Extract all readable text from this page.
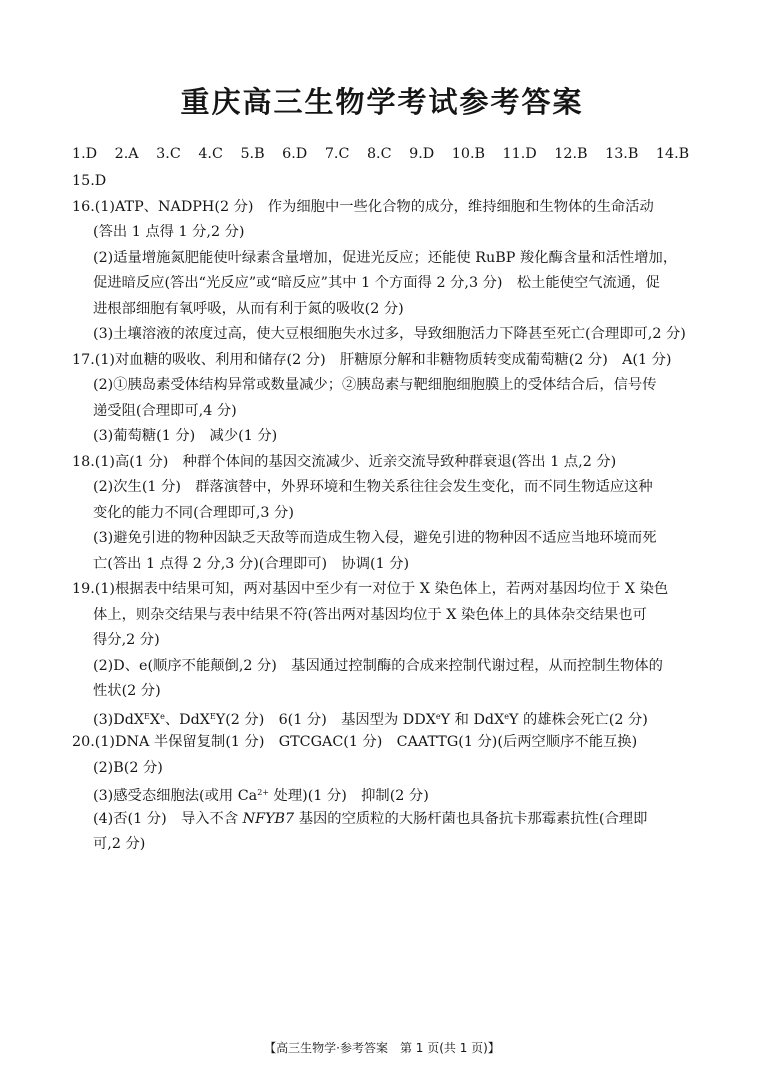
重庆高三生物学考试参考答案
1.D 2.A 3.C 4.C 5.B 6.D 7.C 8.C 9.D 10.B 11.D 12.B 13.B 14.B
15.D
16.(1)ATP、NADPH(2 分)　作为细胞中一些化合物的成分，维持细胞和生物体的生命活动
(答出 1 点得 1 分,2 分)
(2)适量增施氮肥能使叶绿素含量增加，促进光反应；还能使 RuBP 羧化酶含量和活性增加，
促进暗反应(答出“光反应”或“暗反应”其中 1 个方面得 2 分,3 分)　松土能使空气流通，促
进根部细胞有氧呼吸，从而有利于氮的吸收(2 分)
(3)土壤溶液的浓度过高，使大豆根细胞失水过多，导致细胞活力下降甚至死亡(合理即可,2 分)
17.(1)对血糖的吸收、利用和储存(2 分)　肝糖原分解和非糖物质转变成葡萄糖(2 分)　A(1 分)
(2)①胰岛素受体结构异常或数量减少；②胰岛素与靶细胞细胞膜上的受体结合后，信号传
递受阻(合理即可,4 分)
(3)葡萄糖(1 分)　减少(1 分)
18.(1)高(1 分)　种群个体间的基因交流减少、近亲交流导致种群衰退(答出 1 点,2 分)
(2)次生(1 分)　群落演替中，外界环境和生物关系往往会发生变化，而不同生物适应这种
变化的能力不同(合理即可,3 分)
(3)避免引进的物种因缺乏天敌等而造成生物入侵，避免引进的物种因不适应当地环境而死
亡(答出 1 点得 2 分,3 分)(合理即可)　协调(1 分)
19.(1)根据表中结果可知，两对基因中至少有一对位于 X 染色体上，若两对基因均位于 X 染色
体上，则杂交结果与表中结果不符(答出两对基因均位于 X 染色体上的具体杂交结果也可
得分,2 分)
(2)D、e(顺序不能颠倒,2 分)　基因通过控制酶的合成来控制代谢过程，从而控制生物体的
性状(2 分)
(3)DdX$^E$Xe、DdX$^E$Y(2 分)　6(1 分)　基因型为 DDXeY 和 DdX$^e$Y 的雄株会死亡(2 分)
20.(1)DNA 半保留复制(1 分)　GTCGAC(1 分)　CAATTG(1 分)(后两空顺序不能互换)
(2)B(2 分)
(3)感受态细胞法(或用 $Ca^{2+}$ 处理)(1 分)　抑制(2 分)
(4)否(1 分)　导入不含 NFYB7 基因的空质粒的大肠杆菌也具备抗卡那霉素抗性(合理即
可,2 分)
【高三生物学·参考答案　第 1 页(共 1 页)】
